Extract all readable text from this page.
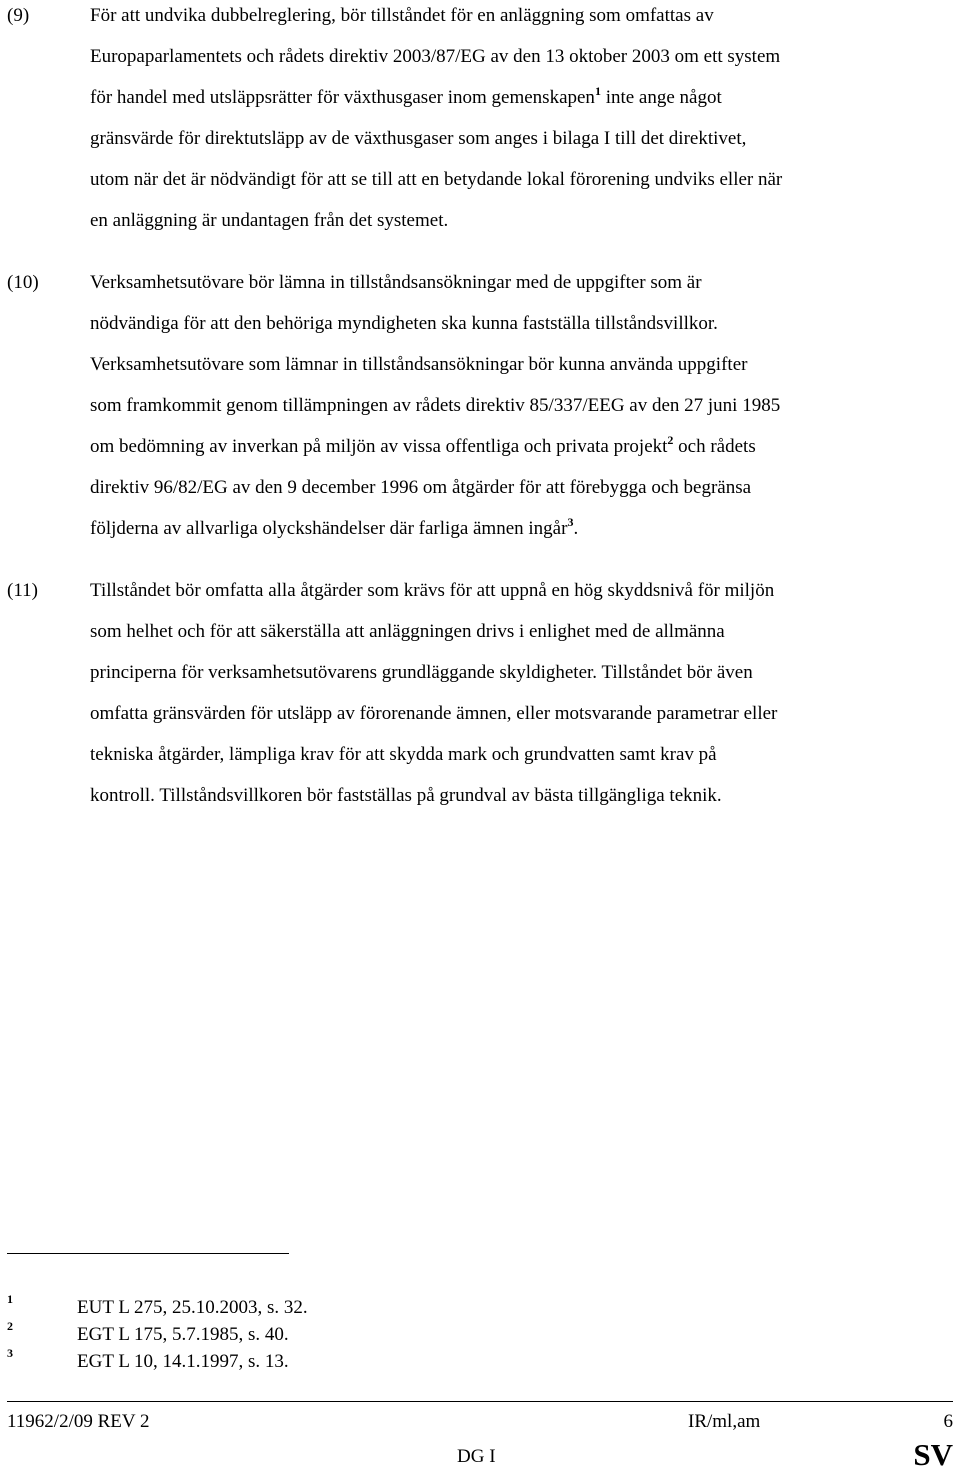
(9)	För att undvika dubbelreglering, bör tillståndet för en anläggning som omfattas av
Europaparlamentets och rådets direktiv 2003/87/EG av den 13 oktober 2003 om ett system
för handel med utsläppsrätter för växthusgaser inom gemenskapen$^1$ inte ange något
gränsvärde för direktutsläpp av de växthusgaser som anges i bilaga I till det direktivet,
utom när det är nödvändigt för att se till att en betydande lokal förorening undviks eller när
en anläggning är undantagen från det systemet.
(10)	Verksamhetsutövare bör lämna in tillståndsansökningar med de uppgifter som är
nödvändiga för att den behöriga myndigheten ska kunna fastställa tillståndsvillkor.
Verksamhetsutövare som lämnar in tillståndsansökningar bör kunna använda uppgifter
som framkommit genom tillämpningen av rådets direktiv 85/337/EEG av den 27 juni 1985
om bedömning av inverkan på miljön av vissa offentliga och privata projekt$^2$ och rådets
direktiv 96/82/EG av den 9 december 1996 om åtgärder för att förebygga och begränsa
följderna av allvarliga olyckshändelser där farliga ämnen ingår$^3$.
(11)	Tillståndet bör omfatta alla åtgärder som krävs för att uppnå en hög skyddsnivå för miljön
som helhet och för att säkerställa att anläggningen drivs i enlighet med de allmänna
principerna för verksamhetsutövarens grundläggande skyldigheter. Tillståndet bör även
omfatta gränsvärden för utsläpp av förorenande ämnen, eller motsvarande parametrar eller
tekniska åtgärder, lämpliga krav för att skydda mark och grundvatten samt krav på
kontroll. Tillståndsvillkoren bör fastställas på grundval av bästa tillgängliga teknik.
1	EUT L 275, 25.10.2003, s. 32.
2	EGT L 175, 5.7.1985, s. 40.
3	EGT L 10, 14.1.1997, s. 13.
11962/2/09 REV 2	IR/ml,am	6
DG I	SV
